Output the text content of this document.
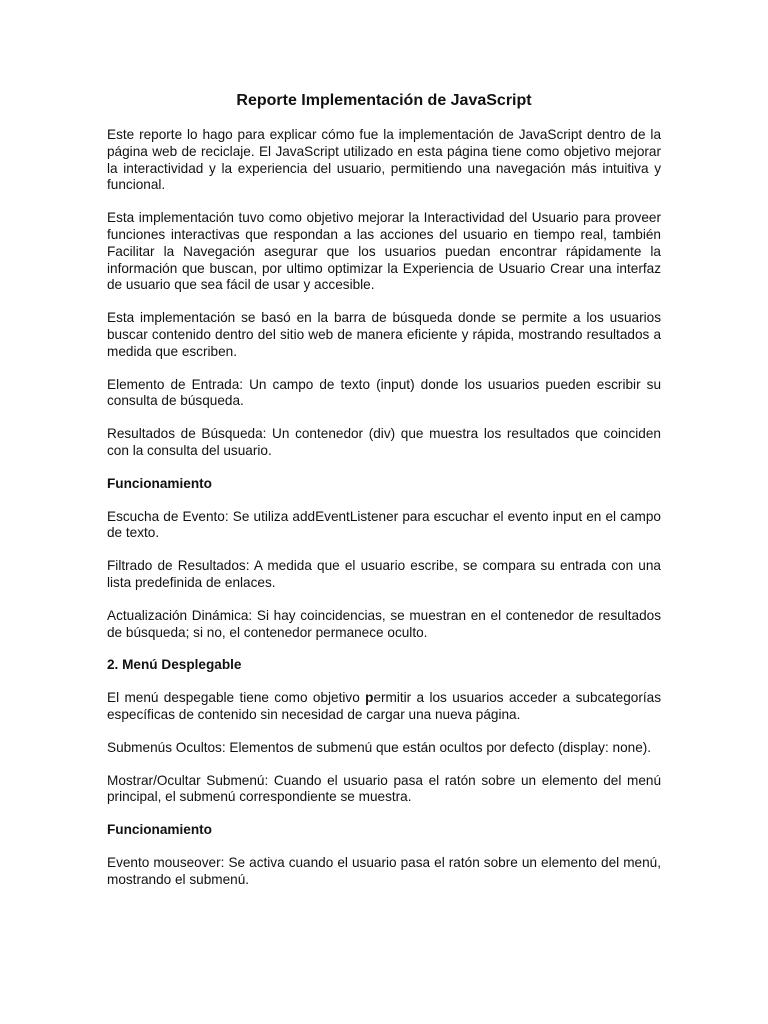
Reporte Implementación de JavaScript

Este reporte lo hago para explicar cómo fue la implementación de JavaScript dentro de la página web de reciclaje. El JavaScript utilizado en esta página tiene como objetivo mejorar la interactividad y la experiencia del usuario, permitiendo una navegación más intuitiva y funcional.

Esta implementación tuvo como objetivo mejorar la Interactividad del Usuario para proveer funciones interactivas que respondan a las acciones del usuario en tiempo real, también Facilitar la Navegación asegurar que los usuarios puedan encontrar rápidamente la información que buscan, por ultimo optimizar la Experiencia de Usuario Crear una interfaz de usuario que sea fácil de usar y accesible.

Esta implementación se basó en la barra de búsqueda donde se permite a los usuarios buscar contenido dentro del sitio web de manera eficiente y rápida, mostrando resultados a medida que escriben.

Elemento de Entrada: Un campo de texto (input) donde los usuarios pueden escribir su consulta de búsqueda.

Resultados de Búsqueda: Un contenedor (div) que muestra los resultados que coinciden con la consulta del usuario.

Funcionamiento

Escucha de Evento: Se utiliza addEventListener para escuchar el evento input en el campo de texto.

Filtrado de Resultados: A medida que el usuario escribe, se compara su entrada con una lista predefinida de enlaces.

Actualización Dinámica: Si hay coincidencias, se muestran en el contenedor de resultados de búsqueda; si no, el contenedor permanece oculto.

2. Menú Desplegable

El menú despegable tiene como objetivo permitir a los usuarios acceder a subcategorías específicas de contenido sin necesidad de cargar una nueva página.

Submenús Ocultos: Elementos de submenú que están ocultos por defecto (display: none).

Mostrar/Ocultar Submenú: Cuando el usuario pasa el ratón sobre un elemento del menú principal, el submenú correspondiente se muestra.

Funcionamiento

Evento mouseover: Se activa cuando el usuario pasa el ratón sobre un elemento del menú, mostrando el submenú.
